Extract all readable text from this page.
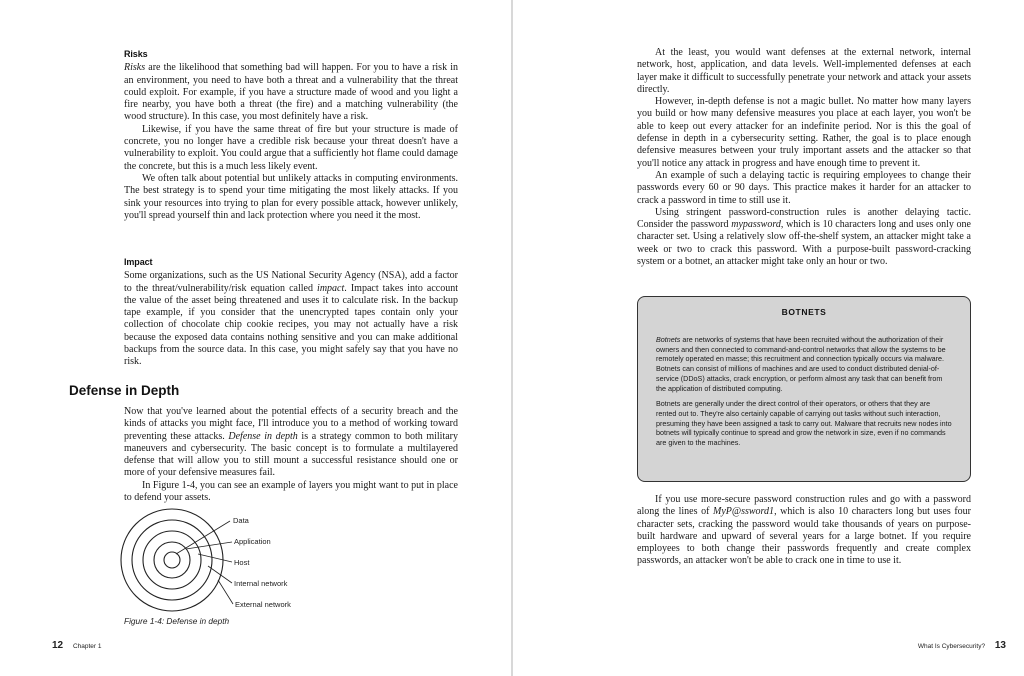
Risks

Risks are the likelihood that something bad will happen. For you to have a risk in an environment, you need to have both a threat and a vulnerability that the threat could exploit. For example, if you have a structure made of wood and you light a fire nearby, you have both a threat (the fire) and a matching vulnerability (the wood structure). In this case, you most definitely have a risk.

Likewise, if you have the same threat of fire but your structure is made of concrete, you no longer have a credible risk because your threat doesn't have a vulnerability to exploit. You could argue that a sufficiently hot flame could damage the concrete, but this is a much less likely event.

We often talk about potential but unlikely attacks in computing environments. The best strategy is to spend your time mitigating the most likely attacks. If you sink your resources into trying to plan for every possible attack, however unlikely, you'll spread yourself thin and lack protection where you need it the most.

Impact

Some organizations, such as the US National Security Agency (NSA), add a factor to the threat/vulnerability/risk equation called impact. Impact takes into account the value of the asset being threatened and uses it to calculate risk. In the backup tape example, if you consider that the unencrypted tapes contain only your collection of chocolate chip cookie recipes, you may not actually have a risk because the exposed data contains nothing sensitive and you can make additional backups from the source data. In this case, you might safely say that you have no risk.

Defense in Depth

Now that you've learned about the potential effects of a security breach and the kinds of attacks you might face, I'll introduce you to a method of working toward preventing these attacks. Defense in depth is a strategy common to both military maneuvers and cybersecurity. The basic concept is to formulate a multilayered defense that will allow you to still mount a successful resistance should one or more of your defensive measures fail.

In Figure 1-4, you can see an example of layers you might want to put in place to defend your assets.

Data
Application
Host
Internal network
External network
Figure 1-4: Defense in depth
12 Chapter 1

At the least, you would want defenses at the external network, internal network, host, application, and data levels. Well-implemented defenses at each layer make it difficult to successfully penetrate your network and attack your assets directly.

However, in-depth defense is not a magic bullet. No matter how many layers you build or how many defensive measures you place at each layer, you won't be able to keep out every attacker for an indefinite period. Nor is this the goal of defense in depth in a cybersecurity setting. Rather, the goal is to place enough defensive measures between your truly important assets and the attacker so that you'll notice any attack in progress and have enough time to prevent it.

An example of such a delaying tactic is requiring employees to change their passwords every 60 or 90 days. This practice makes it harder for an attacker to crack a password in time to still use it.

Using stringent password-construction rules is another delaying tactic. Consider the password mypassword, which is 10 characters long and uses only one character set. Using a relatively slow off-the-shelf system, an attacker might take a week or two to crack this password. With a purpose-built password-cracking system or a botnet, an attacker might take only an hour or two.

BOTNETS

Botnets are networks of systems that have been recruited without the authorization of their owners and then connected to command-and-control networks that allow the systems to be remotely operated en masse; this recruitment and connection typically occurs via malware. Botnets can consist of millions of machines and are used to conduct distributed denial-of-service (DDoS) attacks, crack encryption, or perform almost any task that can benefit from the application of distributed computing.

Botnets are generally under the direct control of their operators, or others that they are rented out to. They're also certainly capable of carrying out tasks without such interaction, presuming they have been assigned a task to carry out. Malware that recruits new nodes into botnets will typically continue to spread and grow the network in size, even if no commands are given to the machines.

If you use more-secure password construction rules and go with a password along the lines of MyP@ssword1, which is also 10 characters long but uses four character sets, cracking the password would take thousands of years on purpose-built hardware and upward of several years for a large botnet. If you require employees to both change their passwords frequently and create complex passwords, an attacker won't be able to crack one in time to use it.

What Is Cybersecurity? 13
